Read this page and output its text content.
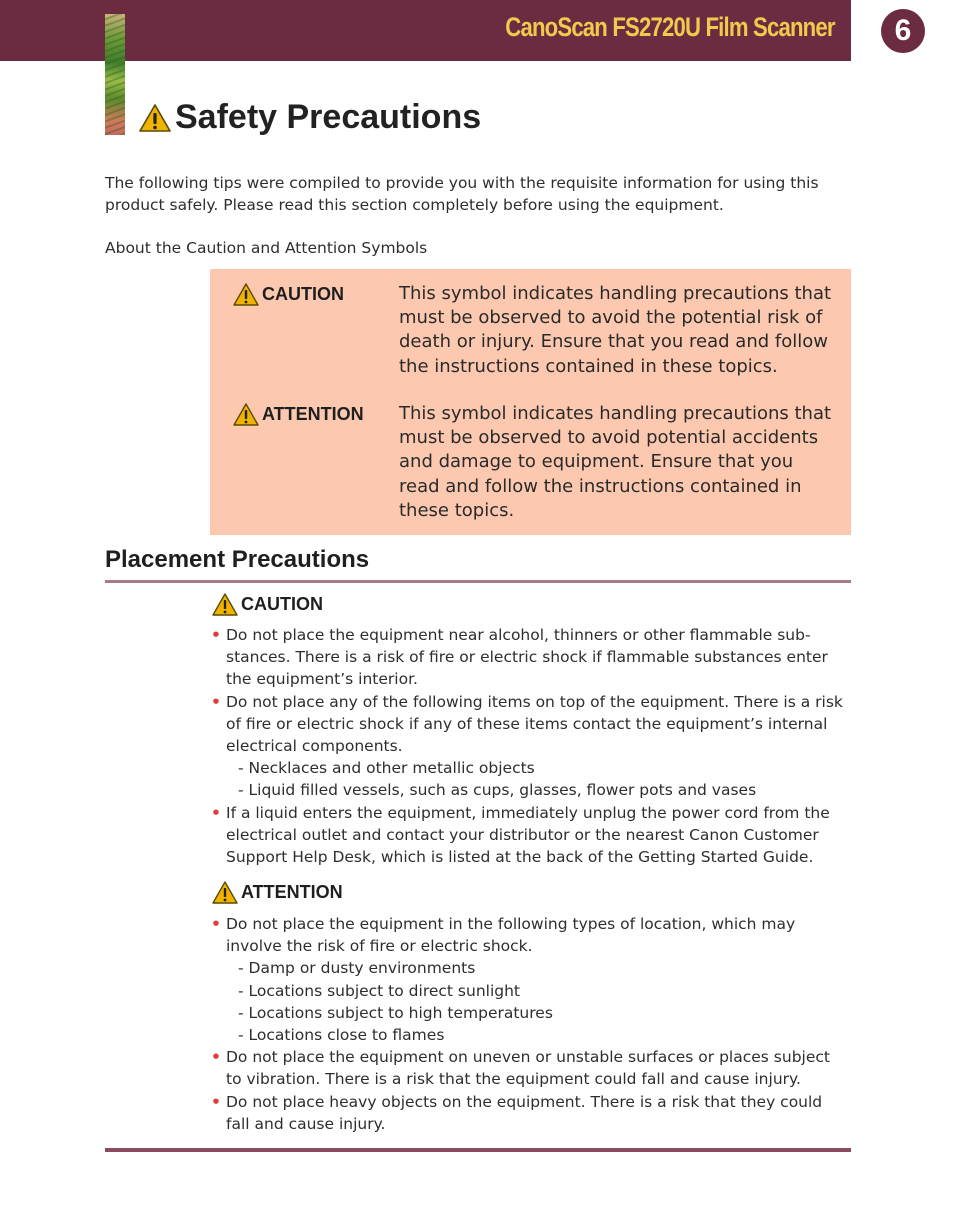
CanoScan FS2720U Film Scanner	6
Safety Precautions

The following tips were compiled to provide you with the requisite information for using this product safely. Please read this section completely before using the equipment.

About the Caution and Attention Symbols

CAUTION	This symbol indicates handling precautions that must be observed to avoid the potential risk of death or injury. Ensure that you read and follow the instructions contained in these topics.
ATTENTION This symbol indicates handling precautions that must be observed to avoid potential accidents and damage to equipment. Ensure that you read and follow the instructions contained in these topics.
Placement Precautions
CAUTION
• Do not place the equipment near alcohol, thinners or other flammable sub-stances. There is a risk of fire or electric shock if flammable substances enter the equipment’s interior.
• Do not place any of the following items on top of the equipment. There is a risk of fire or electric shock if any of these items contact the equipment’s internal electrical components.
- Necklaces and other metallic objects
- Liquid filled vessels, such as cups, glasses, flower pots and vases
• If a liquid enters the equipment, immediately unplug the power cord from the electrical outlet and contact your distributor or the nearest Canon Customer Support Help Desk, which is listed at the back of the Getting Started Guide.
ATTENTION
• Do not place the equipment in the following types of location, which may involve the risk of fire or electric shock.
- Damp or dusty environments
- Locations subject to direct sunlight
- Locations subject to high temperatures
- Locations close to flames
• Do not place the equipment on uneven or unstable surfaces or places subject to vibration. There is a risk that the equipment could fall and cause injury.
• Do not place heavy objects on the equipment. There is a risk that they could fall and cause injury.
